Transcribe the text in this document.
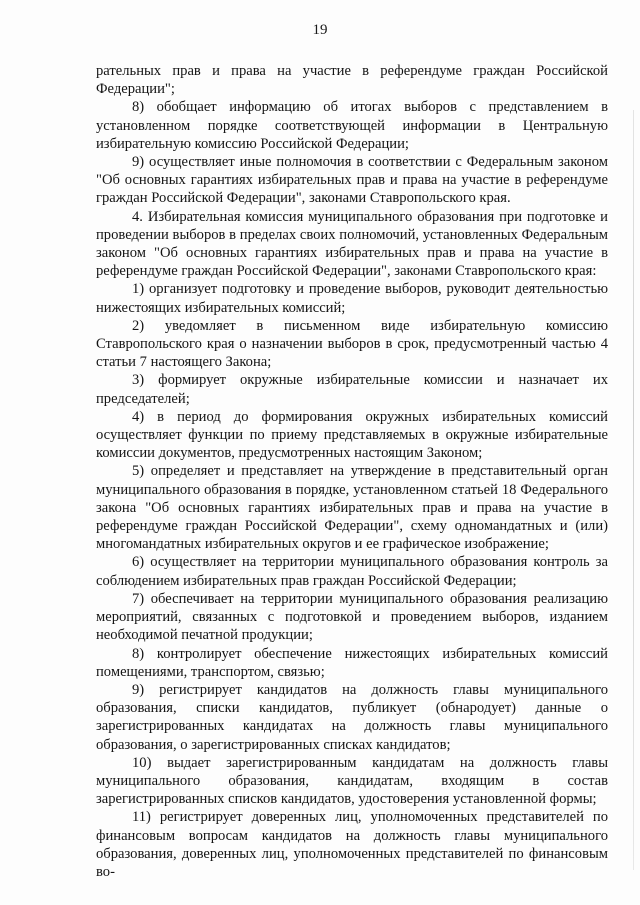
19

рательных прав и права на участие в референдуме граждан Российской Федерации";

8) обобщает информацию об итогах выборов с представлением в установленном порядке соответствующей информации в Центральную избирательную комиссию Российской Федерации;

9) осуществляет иные полномочия в соответствии с Федеральным законом "Об основных гарантиях избирательных прав и права на участие в референдуме граждан Российской Федерации", законами Ставропольского края.

4. Избирательная комиссия муниципального образования при подготовке и проведении выборов в пределах своих полномочий, установленных Федеральным законом "Об основных гарантиях избирательных прав и права на участие в референдуме граждан Российской Федерации", законами Ставропольского края:

1) организует подготовку и проведение выборов, руководит деятельностью нижестоящих избирательных комиссий;

2) уведомляет в письменном виде избирательную комиссию Ставропольского края о назначении выборов в срок, предусмотренный частью 4 статьи 7 настоящего Закона;

3) формирует окружные избирательные комиссии и назначает их председателей;

4) в период до формирования окружных избирательных комиссий осуществляет функции по приему представляемых в окружные избирательные комиссии документов, предусмотренных настоящим Законом;

5) определяет и представляет на утверждение в представительный орган муниципального образования в порядке, установленном статьей 18 Федерального закона "Об основных гарантиях избирательных прав и права на участие в референдуме граждан Российской Федерации", схему одномандатных и (или) многомандатных избирательных округов и ее графическое изображение;

6) осуществляет на территории муниципального образования контроль за соблюдением избирательных прав граждан Российской Федерации;

7) обеспечивает на территории муниципального образования реализацию мероприятий, связанных с подготовкой и проведением выборов, изданием необходимой печатной продукции;

8) контролирует обеспечение нижестоящих избирательных комиссий помещениями, транспортом, связью;

9) регистрирует кандидатов на должность главы муниципального образования, списки кандидатов, публикует (обнародует) данные о зарегистрированных кандидатах на должность главы муниципального образования, о зарегистрированных списках кандидатов;

10) выдает зарегистрированным кандидатам на должность главы муниципального образования, кандидатам, входящим в состав зарегистрированных списков кандидатов, удостоверения установленной формы;

11) регистрирует доверенных лиц, уполномоченных представителей по финансовым вопросам кандидатов на должность главы муниципального образования, доверенных лиц, уполномоченных представителей по финансовым во-
